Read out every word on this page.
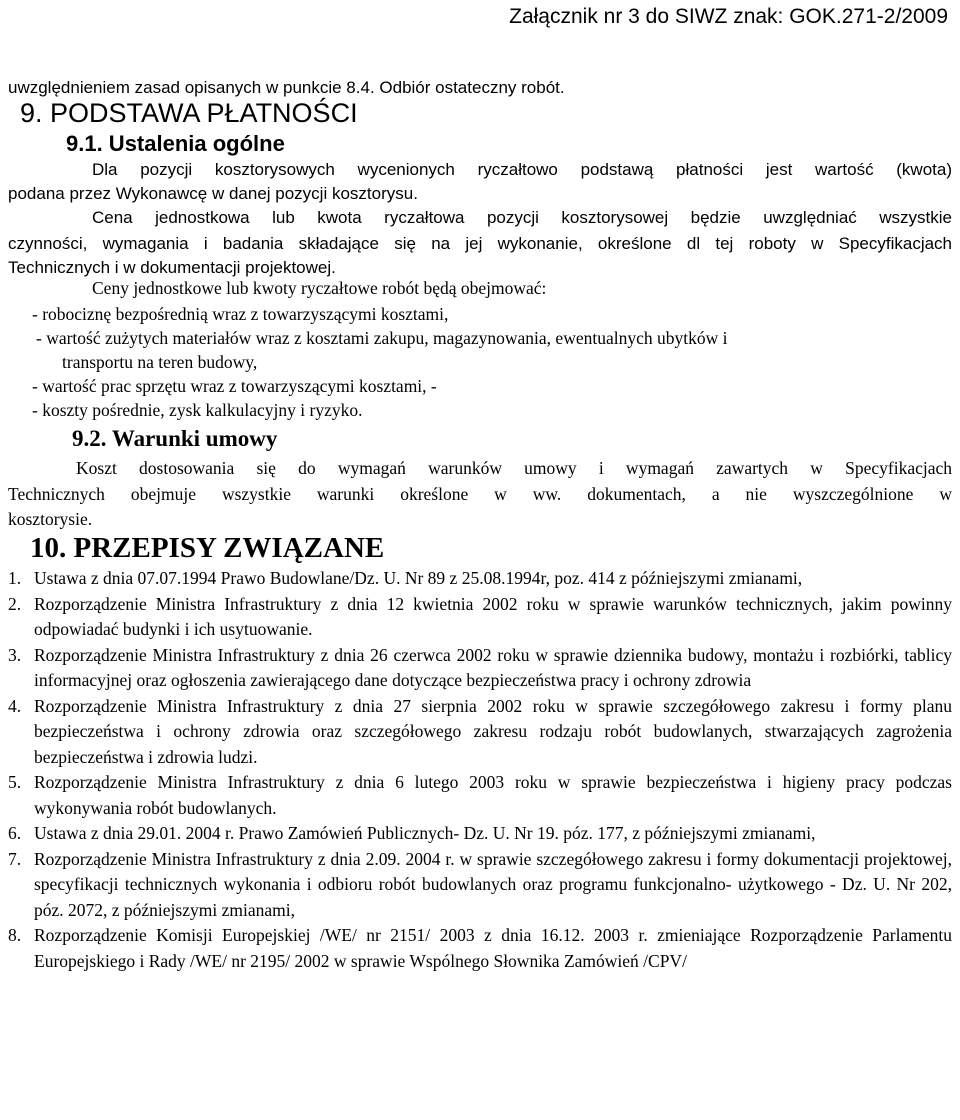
Załącznik nr 3 do SIWZ znak: GOK.271-2/2009
uwzględnieniem zasad opisanych w punkcie 8.4. Odbiór ostateczny robót.
9. PODSTAWA PŁATNOŚCI
9.1. Ustalenia ogólne
Dla pozycji kosztorysowych wycenionych ryczałtowo podstawą płatności jest wartość (kwota)
podana przez Wykonawcę w danej pozycji kosztorysu.
Cena jednostkowa lub kwota ryczałtowa pozycji kosztorysowej będzie uwzględniać wszystkie
czynności, wymagania i badania składające się na jej wykonanie, określone dl tej roboty w Specyfikacjach
Technicznych i w dokumentacji projektowej.
Ceny jednostkowe lub kwoty ryczałtowe robót będą obejmować:
- robociznę bezpośrednią wraz z towarzyszącymi kosztami,
- wartość zużytych materiałów wraz z kosztami zakupu, magazynowania, ewentualnych ubytków i
transportu na teren budowy,
- wartość prac sprzętu wraz z towarzyszącymi kosztami, -
- koszty pośrednie, zysk kalkulacyjny i ryzyko.
9.2. Warunki umowy
Koszt dostosowania się do wymagań warunków umowy i wymagań zawartych w Specyfikacjach
Technicznych obejmuje wszystkie warunki określone w ww. dokumentach, a nie wyszczególnione w
kosztorysie.
10. PRZEPISY ZWIĄZANE
1. Ustawa z dnia 07.07.1994 Prawo Budowlane/Dz. U. Nr 89 z 25.08.1994r, poz. 414 z późniejszymi zmianami,
2. Rozporządzenie Ministra Infrastruktury z dnia 12 kwietnia 2002 roku w sprawie warunków technicznych, jakim powinny odpowiadać budynki i ich usytuowanie.
3. Rozporządzenie Ministra Infrastruktury z dnia 26 czerwca 2002 roku w sprawie dziennika budowy, montażu i rozbiórki, tablicy informacyjnej oraz ogłoszenia zawierającego dane dotyczące bezpieczeństwa pracy i ochrony zdrowia
4. Rozporządzenie Ministra Infrastruktury z dnia 27 sierpnia 2002 roku w sprawie szczegółowego zakresu i formy planu bezpieczeństwa i ochrony zdrowia oraz szczegółowego zakresu rodzaju robót budowlanych, stwarzających zagrożenia bezpieczeństwa i zdrowia ludzi.
5. Rozporządzenie Ministra Infrastruktury z dnia 6 lutego 2003 roku w sprawie bezpieczeństwa i higieny pracy podczas wykonywania robót budowlanych.
6. Ustawa z dnia 29.01. 2004 r. Prawo Zamówień Publicznych- Dz. U. Nr 19. póz. 177, z późniejszymi zmianami,
7. Rozporządzenie Ministra Infrastruktury z dnia 2.09. 2004 r. w sprawie szczegółowego zakresu i formy dokumentacji projektowej, specyfikacji technicznych wykonania i odbioru robót budowlanych oraz programu funkcjonalno- użytkowego - Dz. U. Nr 202, póz. 2072, z późniejszymi zmianami,
8. Rozporządzenie Komisji Europejskiej /WE/ nr 2151/ 2003 z dnia 16.12. 2003 r. zmieniające Rozporządzenie Parlamentu Europejskiego i Rady /WE/ nr 2195/ 2002 w sprawie Wspólnego Słownika Zamówień /CPV/
